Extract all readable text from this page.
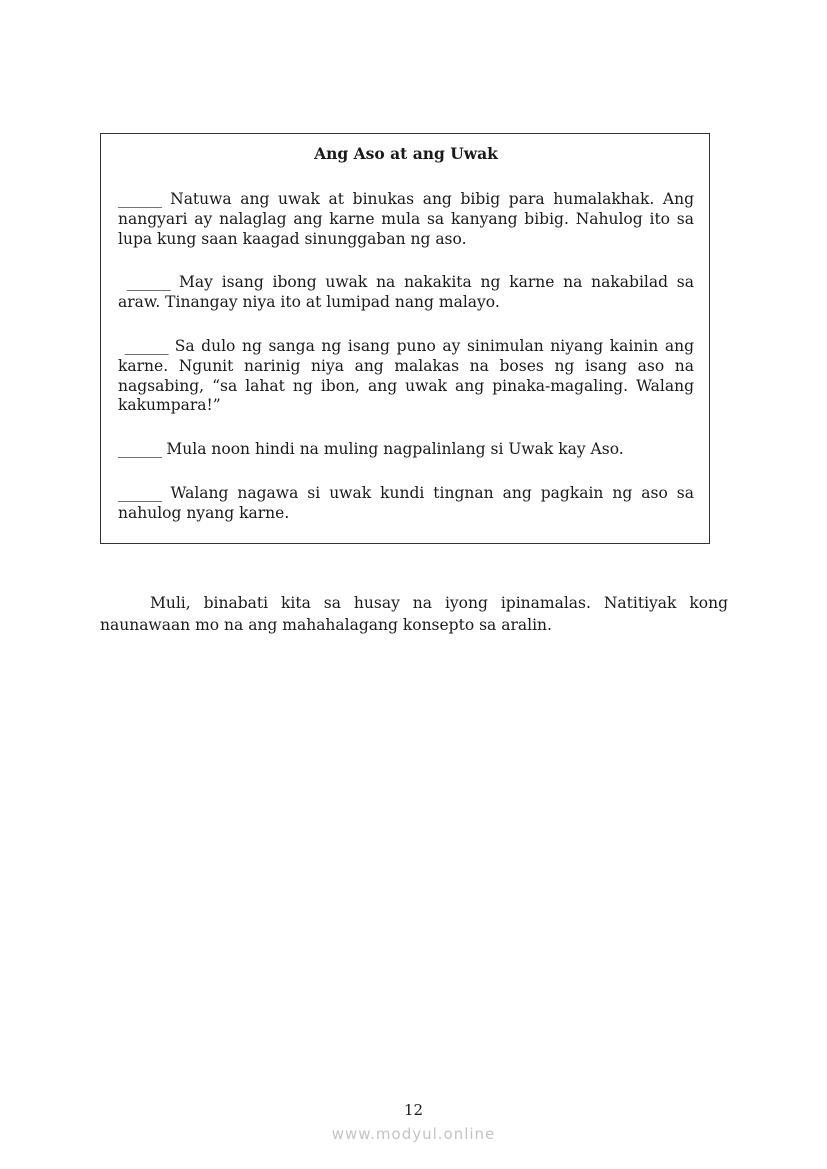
Ang Aso at ang Uwak

______ Natuwa ang uwak at binukas ang bibig para humalakhak. Ang nangyari ay nalaglag ang karne mula sa kanyang bibig. Nahulog ito sa lupa kung saan kaagad sinunggaban ng aso.

______ May isang ibong uwak na nakakita ng karne na nakabilad sa araw. Tinangay niya ito at lumipad nang malayo.

______ Sa dulo ng sanga ng isang puno ay sinimulan niyang kainin ang karne. Ngunit narinig niya ang malakas na boses ng isang aso na nagsabing, “sa lahat ng ibon, ang uwak ang pinaka-magaling. Walang kakumpara!”

______ Mula noon hindi na muling nagpalinlang si Uwak kay Aso.

______ Walang nagawa si uwak kundi tingnan ang pagkain ng aso sa nahulog nyang karne.

Muli, binabati kita sa husay na iyong ipinamalas. Natitiyak kong naunawaan mo na ang mahahalagang konsepto sa aralin.

12
www.modyul.online
